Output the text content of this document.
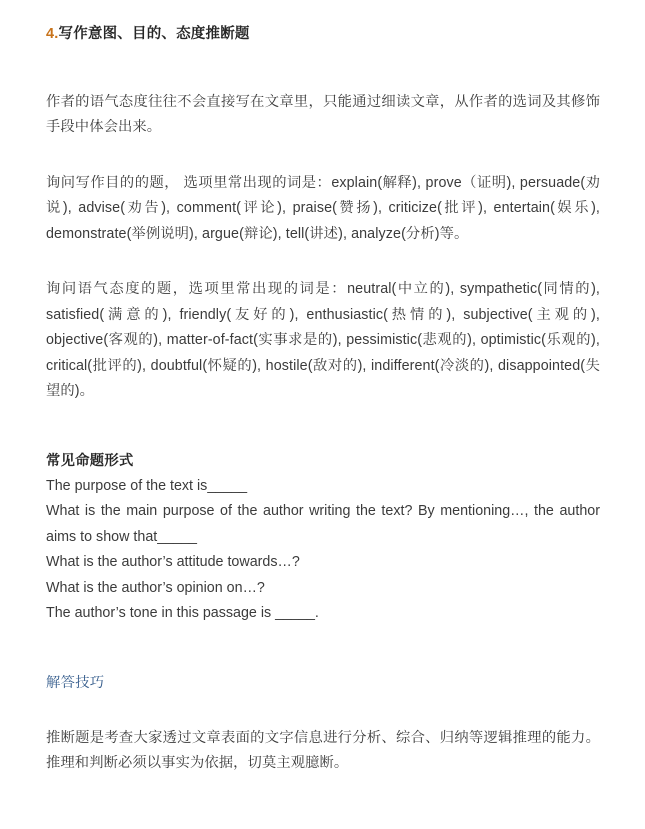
4.写作意图、目的、态度推断题

作者的语气态度往往不会直接写在文章里，只能通过细读文章，从作者的选词及其修饰手段中体会出来。

询问写作目的的题， 选项里常出现的词是：explain(解释), prove（证明), persuade(劝说), advise(劝告), comment(评论), praise(赞扬), criticize(批评), entertain(娱乐), demonstrate(举例说明), argue(辩论), tell(讲述), analyze(分析)等。

询问语气态度的题，选项里常出现的词是：neutral(中立的), sympathetic(同情的), satisfied(满意的), friendly(友好的), enthusiastic(热情的), subjective(主观的), objective(客观的), matter-of-fact(实事求是的), pessimistic(悲观的), optimistic(乐观的), critical(批评的), doubtful(怀疑的), hostile(敌对的), indifferent(冷淡的), disappointed(失望的)。

常见命题形式
The purpose of the text is_____
What is the main purpose of the author writing the text? By mentioning…, the author aims to show that_____
What is the author’s attitude towards…?
What is the author’s opinion on…?
The author’s tone in this passage is _____.
解答技巧

推断题是考查大家透过文章表面的文字信息进行分析、综合、归纳等逻辑推理的能力。推理和判断必须以事实为依据，切莫主观臆断。
